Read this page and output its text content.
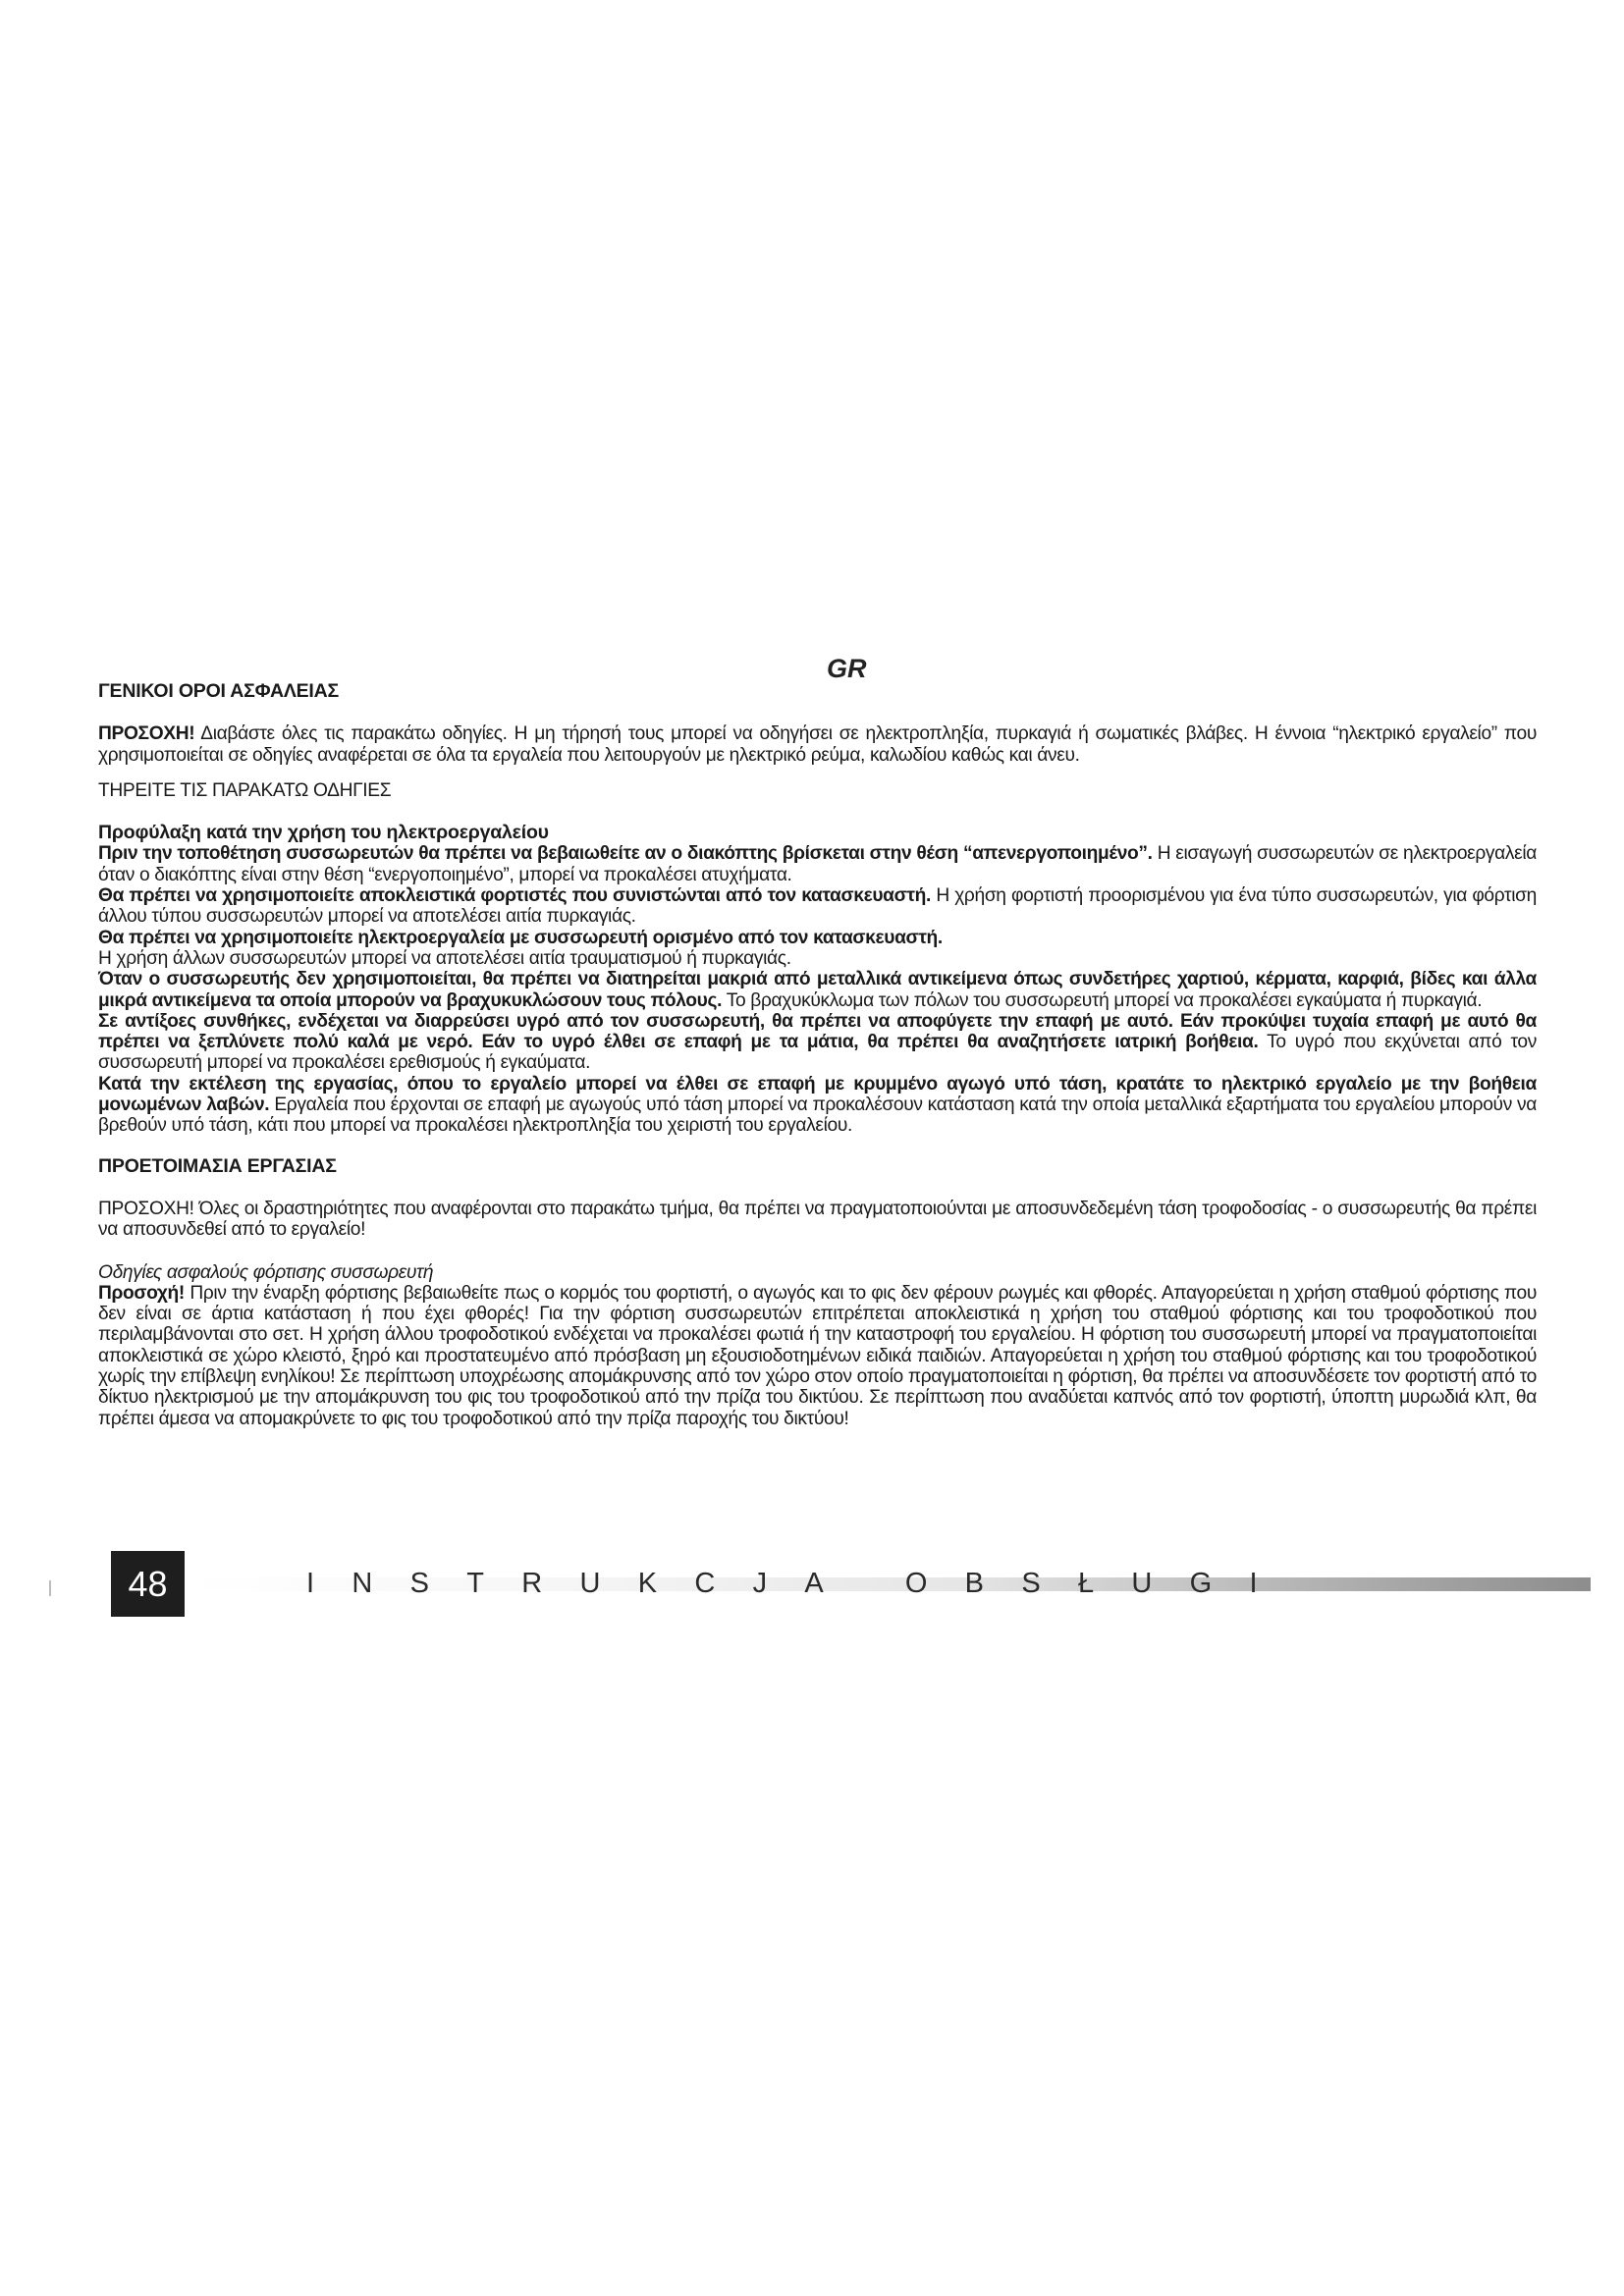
GR

ΓΕΝΙΚΟΙ ΟΡΟΙ ΑΣΦΑΛΕΙΑΣ

ΠΡΟΣΟΧΗ! Διαβάστε όλες τις παρακάτω οδηγίες. Η μη τήρησή τους μπορεί να οδηγήσει σε ηλεκτροπληξία, πυρκαγιά ή σωματικές βλάβες. Η έννοια “ηλεκτρικό εργαλείο” που χρησιμοποιείται σε οδηγίες αναφέρεται σε όλα τα εργαλεία που λειτουργούν με ηλεκτρικό ρεύμα, καλωδίου καθώς και άνευ.

ΤΗΡΕΙΤΕ ΤΙΣ ΠΑΡΑΚΑΤΩ ΟΔΗΓΙΕΣ

Προφύλαξη κατά την χρήση του ηλεκτροεργαλείου

Πριν την τοποθέτηση συσσωρευτών θα πρέπει να βεβαιωθείτε αν ο διακόπτης βρίσκεται στην θέση “απενεργοποιημένο”. Η εισαγωγή συσσωρευτών σε ηλεκτροεργαλεία όταν ο διακόπτης είναι στην θέση “ενεργοποιημένο”, μπορεί να προκαλέσει ατυχήματα.

Θα πρέπει να χρησιμοποιείτε αποκλειστικά φορτιστές που συνιστώνται από τον κατασκευαστή. Η χρήση φορτιστή προορισμένου για ένα τύπο συσσωρευτών, για φόρτιση άλλου τύπου συσσωρευτών μπορεί να αποτελέσει αιτία πυρκαγιάς.

Θα πρέπει να χρησιμοποιείτε ηλεκτροεργαλεία με συσσωρευτή ορισμένο από τον κατασκευαστή.

Η χρήση άλλων συσσωρευτών μπορεί να αποτελέσει αιτία τραυματισμού ή πυρκαγιάς.

Όταν ο συσσωρευτής δεν χρησιμοποιείται, θα πρέπει να διατηρείται μακριά από μεταλλικά αντικείμενα όπως συνδετήρες χαρτιού, κέρματα, καρφιά, βίδες και άλλα μικρά αντικείμενα τα οποία μπορούν να βραχυκυκλώσουν τους πόλους. Το βραχυκύκλωμα των πόλων του συσσωρευτή μπορεί να προκαλέσει εγκαύματα ή πυρκαγιά.

Σε αντίξοες συνθήκες, ενδέχεται να διαρρεύσει υγρό από τον συσσωρευτή, θα πρέπει να αποφύγετε την επαφή με αυτό. Εάν προκύψει τυχαία επαφή με αυτό θα πρέπει να ξεπλύνετε πολύ καλά με νερό. Εάν το υγρό έλθει σε επαφή με τα μάτια, θα πρέπει θα αναζητήσετε ιατρική βοήθεια. Το υγρό που εκχύνεται από τον συσσωρευτή μπορεί να προκαλέσει ερεθισμούς ή εγκαύματα.

Κατά την εκτέλεση της εργασίας, όπου το εργαλείο μπορεί να έλθει σε επαφή με κρυμμένο αγωγό υπό τάση, κρατάτε το ηλεκτρικό εργαλείο με την βοήθεια μονωμένων λαβών. Εργαλεία που έρχονται σε επαφή με αγωγούς υπό τάση μπορεί να προκαλέσουν κατάσταση κατά την οποία μεταλλικά εξαρτήματα του εργαλείου μπορούν να βρεθούν υπό τάση, κάτι που μπορεί να προκαλέσει ηλεκτροπληξία του χειριστή του εργαλείου.

ΠΡΟΕΤΟΙΜΑΣΙΑ ΕΡΓΑΣΙΑΣ

ΠΡΟΣΟΧΗ! Όλες οι δραστηριότητες που αναφέρονται στο παρακάτω τμήμα, θα πρέπει να πραγματοποιούνται με αποσυνδεδεμένη τάση τροφοδοσίας - ο συσσωρευτής θα πρέπει να αποσυνδεθεί από το εργαλείο!

Οδηγίες ασφαλούς φόρτισης συσσωρευτή

Προσοχή! Πριν την έναρξη φόρτισης βεβαιωθείτε πως ο κορμός του φορτιστή, ο αγωγός και το φις δεν φέρουν ρωγμές και φθορές. Απαγορεύεται η χρήση σταθμού φόρτισης που δεν είναι σε άρτια κατάσταση ή που έχει φθορές! Για την φόρτιση συσσωρευτών επιτρέπεται αποκλειστικά η χρήση του σταθμού φόρτισης και του τροφοδοτικού που περιλαμβάνονται στο σετ. Η χρήση άλλου τροφοδοτικού ενδέχεται να προκαλέσει φωτιά ή την καταστροφή του εργαλείου. Η φόρτιση του συσσωρευτή μπορεί να πραγματοποιείται αποκλειστικά σε χώρο κλειστό, ξηρό και προστατευμένο από πρόσβαση μη εξουσιοδοτημένων ειδικά παιδιών. Απαγορεύεται η χρήση του σταθμού φόρτισης και του τροφοδοτικού χωρίς την επίβλεψη ενηλίκου! Σε περίπτωση υποχρέωσης απομάκρυνσης από τον χώρο στον οποίο πραγματοποιείται η φόρτιση, θα πρέπει να αποσυνδέσετε τον φορτιστή από το δίκτυο ηλεκτρισμού με την απομάκρυνση του φις του τροφοδοτικού από την πρίζα του δικτύου. Σε περίπτωση που αναδύεται καπνός από τον φορτιστή, ύποπτη μυρωδιά κλπ, θα πρέπει άμεσα να απομακρύνετε το φις του τροφοδοτικού από την πρίζα παροχής του δικτύου!

48	INSTRUKCJA OBSŁUGI
